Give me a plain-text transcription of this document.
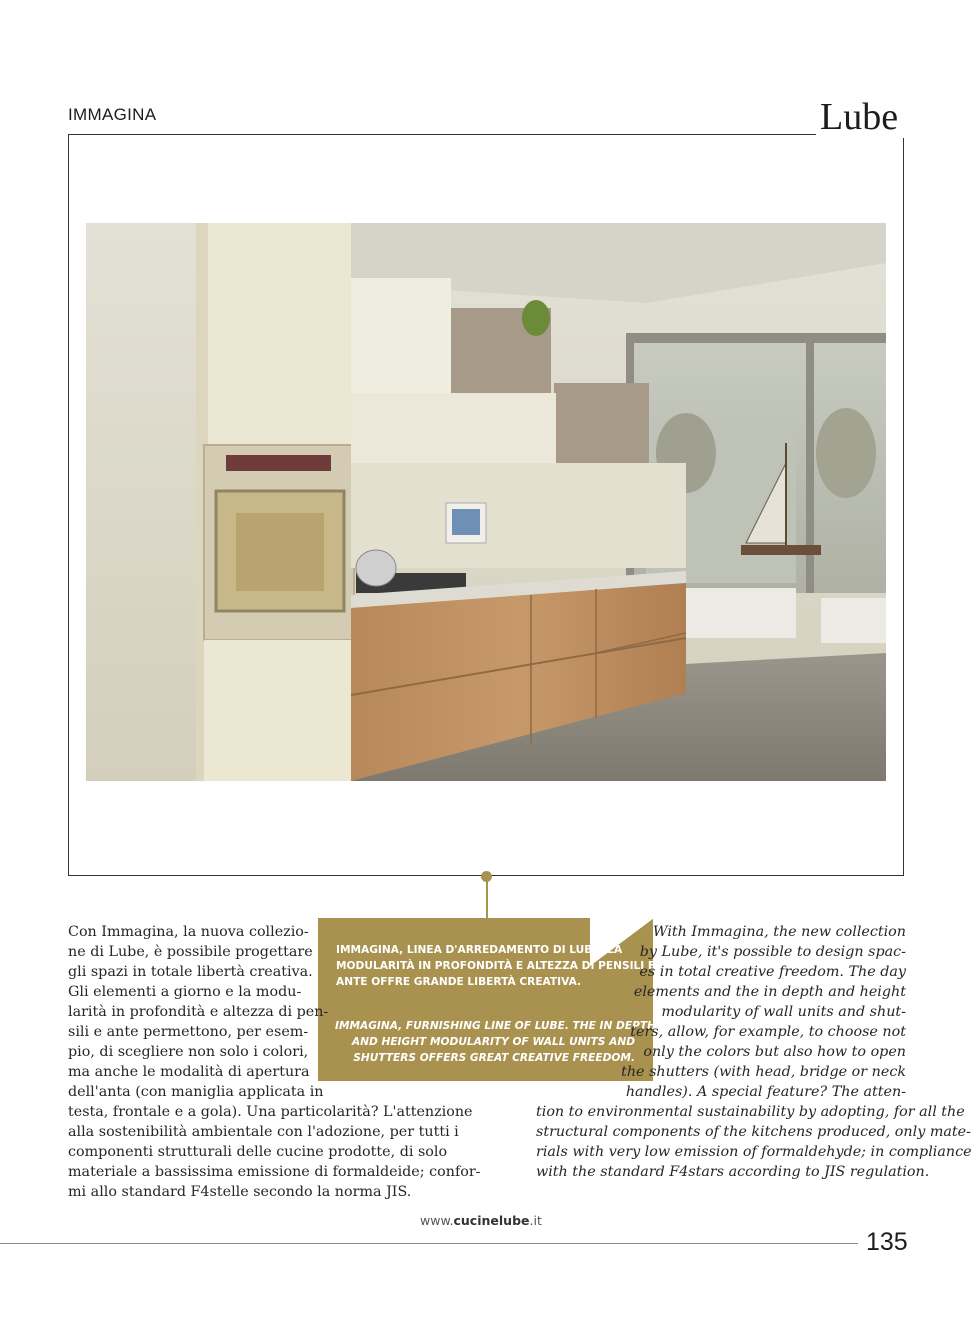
IMMAGINA	Lube
IMMAGINA, LINEA D'ARREDAMENTO DI LUBE. LA
MODULARITÀ IN PROFONDITÀ E ALTEZZA DI PENSILI E
ANTE OFFRE GRANDE LIBERTÀ CREATIVA.
IMMAGINA, FURNISHING LINE OF LUBE. THE IN DEPTH
AND HEIGHT MODULARITY OF WALL UNITS AND
SHUTTERS OFFERS GREAT CREATIVE FREEDOM.
Con Immagina, la nuova collezio-
ne di Lube, è possibile progettare
gli spazi in totale libertà creativa.
Gli elementi a giorno e la modu-
larità in profondità e altezza di pen-
sili e ante permettono, per esem-
pio, di scegliere non solo i colori,
ma anche le modalità di apertura
dell'anta (con maniglia applicata in
testa, frontale e a gola). Una particolarità? L'attenzione
alla sostenibilità ambientale con l'adozione, per tutti i
componenti strutturali delle cucine prodotte, di solo
materiale a bassissima emissione di formaldeide; confor-
mi allo standard F4stelle secondo la norma JIS.
With Immagina, the new collection
by Lube, it's possible to design spac-
es in total creative freedom. The day
elements and the in depth and height
modularity of wall units and shut-
ters, allow, for example, to choose not
only the colors but also how to open
the shutters (with head, bridge or neck
handles). A special feature? The atten-
tion to environmental sustainability by adopting, for all the
structural components of the kitchens produced, only mate-
rials with very low emission of formaldehyde; in compliance
with the standard F4stars according to JIS regulation.
www.cucinelube.it
135
